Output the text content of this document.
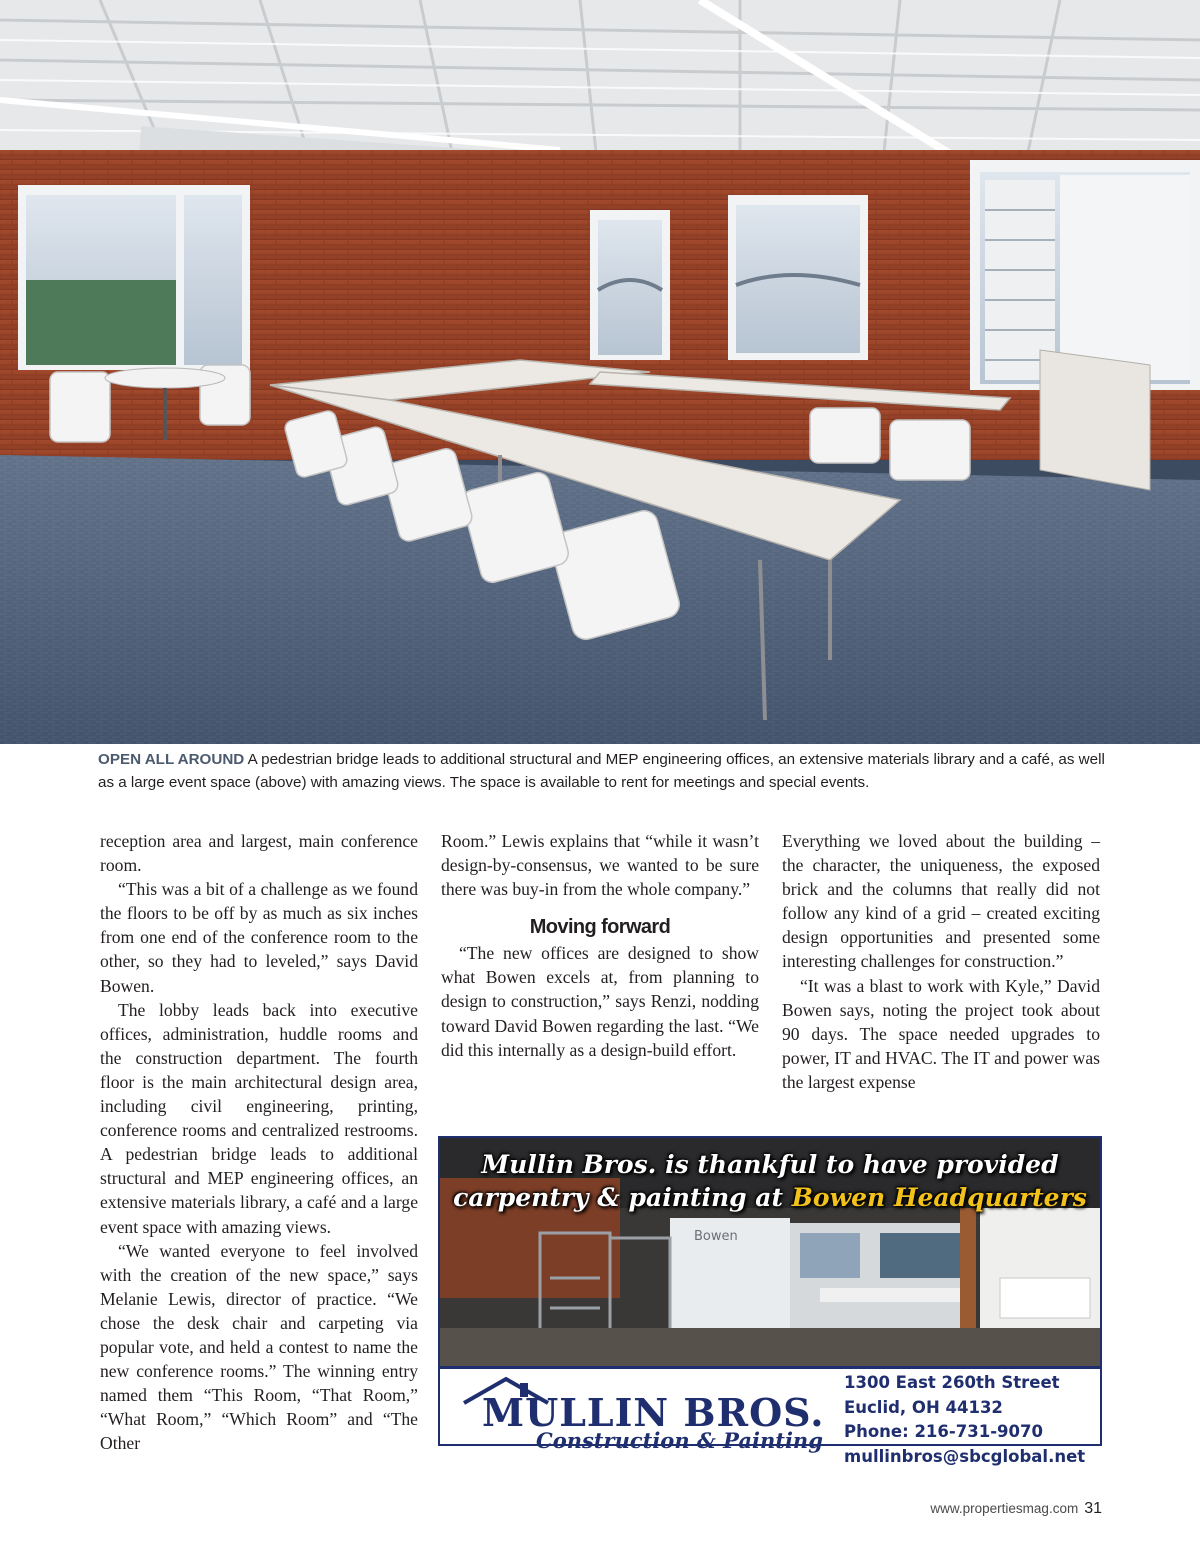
OPEN ALL AROUND A pedestrian bridge leads to additional structural and MEP engineering offices, an extensive materials library and a café, as well as a large event space (above) with amazing views. The space is available to rent for meetings and special events.

reception area and largest, main conference room.

“This was a bit of a challenge as we found the floors to be off by as much as six inches from one end of the conference room to the other, so they had to leveled,” says David Bowen.

The lobby leads back into executive offices, administration, huddle rooms and the construction department. The fourth floor is the main architectural design area, including civil engineering, printing, conference rooms and centralized restrooms. A pedestrian bridge leads to additional structural and MEP engineering offices, an extensive materials library, a café and a large event space with amazing views.

“We wanted everyone to feel involved with the creation of the new space,” says Melanie Lewis, director of practice. “We chose the desk chair and carpeting via popular vote, and held a contest to name the new conference rooms.” The winning entry named them “This Room, “That Room,” “What Room,” “Which Room” and “The Other

Room.” Lewis explains that “while it wasn’t design-by-consensus, we wanted to be sure there was buy-in from the whole company.”

Moving forward

“The new offices are designed to show what Bowen excels at, from planning to design to construction,” says Renzi, nodding toward David Bowen regarding the last. “We did this internally as a design-build effort.

Everything we loved about the building – the character, the uniqueness, the exposed brick and the columns that really did not follow any kind of a grid – created exciting design opportunities and presented some interesting challenges for construction.”

“It was a blast to work with Kyle,” David Bowen says, noting the project took about 90 days. The space needed upgrades to power, IT and HVAC. The IT and power was the largest expense

Bowen
Mullin Bros. is thankful to have provided
carpentry & painting at Bowen Headquarters
MULLIN BROS.
Construction & Painting
1300 East 260th Street
Euclid, OH 44132
Phone: 216-731-9070
mullinbros@sbcglobal.net
www.propertiesmag.com 31
